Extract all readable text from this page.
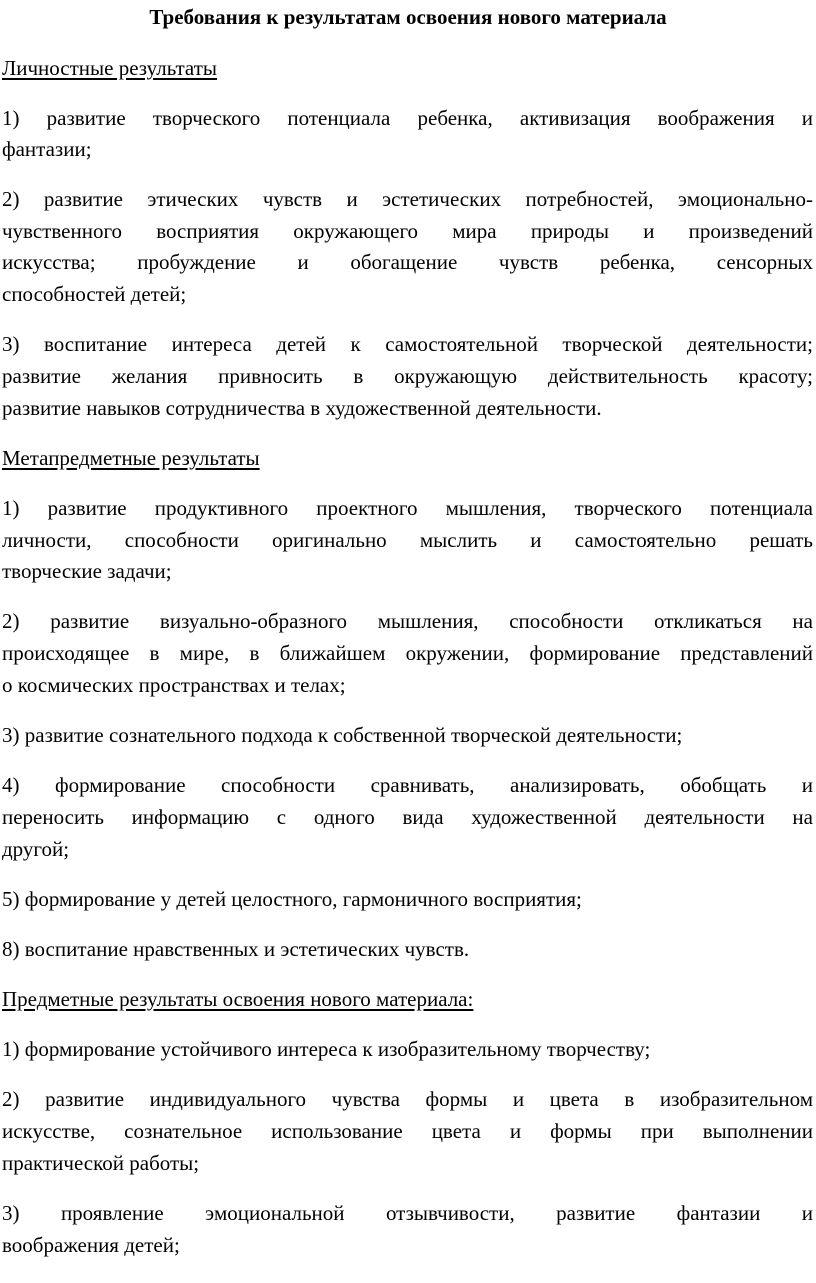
Требования к результатам освоения нового материала
Личностные результаты
1) развитие творческого потенциала ребенка, активизация воображения и
фантазии;
2) развитие этических чувств и эстетических потребностей, эмоционально-
чувственного восприятия окружающего мира природы и произведений
искусства; пробуждение и обогащение чувств ребенка, сенсорных
способностей детей;
3) воспитание интереса детей к самостоятельной творческой деятельности;
развитие желания привносить в окружающую действительность красоту;
развитие навыков сотрудничества в художественной деятельности.
Метапредметные результаты
1) развитие продуктивного проектного мышления, творческого потенциала
личности, способности оригинально мыслить и самостоятельно решать
творческие задачи;
2) развитие визуально-образного мышления, способности откликаться на
происходящее в мире, в ближайшем окружении, формирование представлений
о космических пространствах и телах;
3) развитие сознательного подхода к собственной творческой деятельности;
4) формирование способности сравнивать, анализировать, обобщать и
переносить информацию с одного вида художественной деятельности на
другой;
5) формирование у детей целостного, гармоничного восприятия;
8) воспитание нравственных и эстетических чувств.
Предметные результаты освоения нового материала:
1) формирование устойчивого интереса к изобразительному творчеству;
2) развитие индивидуального чувства формы и цвета в изобразительном
искусстве, сознательное использование цвета и формы при выполнении
практической работы;
3) проявление эмоциональной отзывчивости, развитие фантазии и
воображения детей;
